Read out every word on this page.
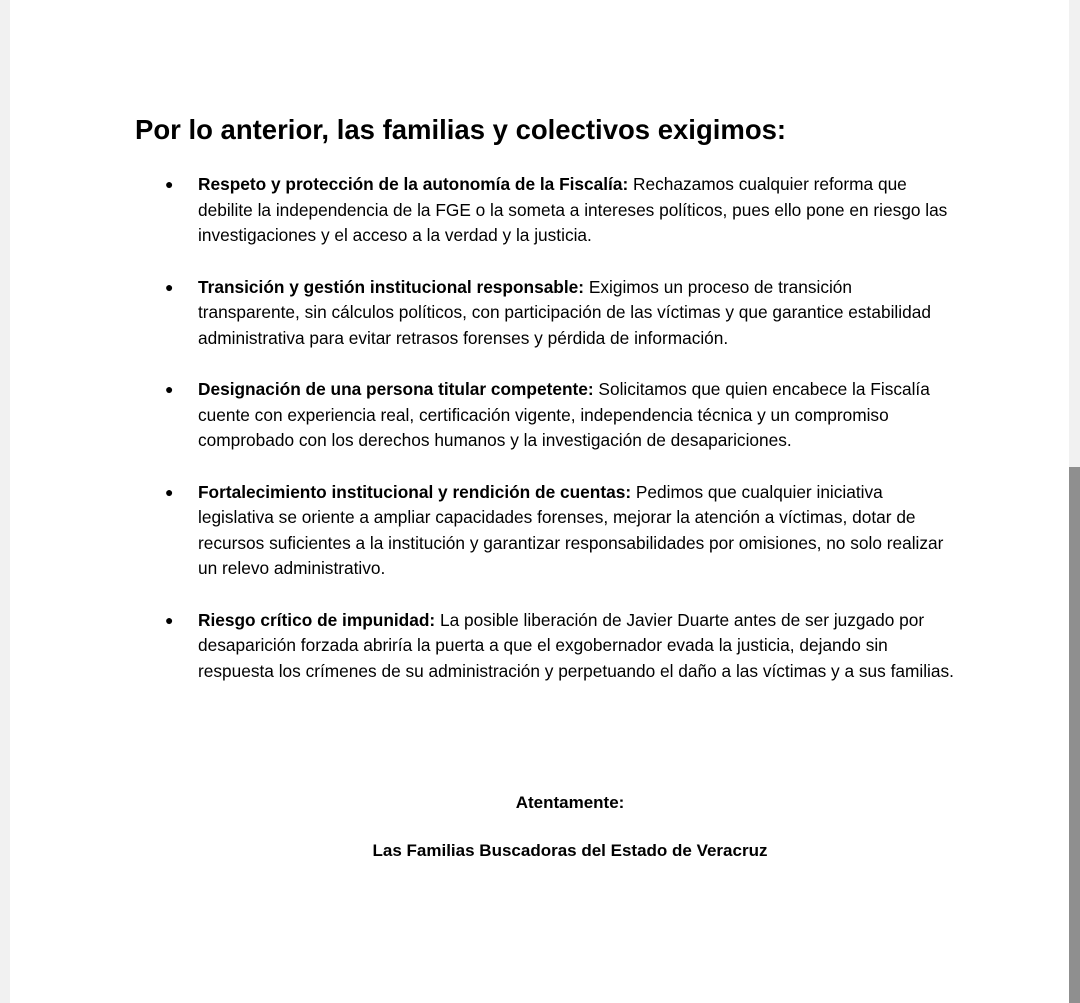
Por lo anterior, las familias y colectivos exigimos:
● Respeto y protección de la autonomía de la Fiscalía: Rechazamos cualquier reforma que debilite la independencia de la FGE o la someta a intereses políticos, pues ello pone en riesgo las investigaciones y el acceso a la verdad y la justicia.
● Transición y gestión institucional responsable: Exigimos un proceso de transición transparente, sin cálculos políticos, con participación de las víctimas y que garantice estabilidad administrativa para evitar retrasos forenses y pérdida de información.
● Designación de una persona titular competente: Solicitamos que quien encabece la Fiscalía cuente con experiencia real, certificación vigente, independencia técnica y un compromiso comprobado con los derechos humanos y la investigación de desapariciones.
● Fortalecimiento institucional y rendición de cuentas: Pedimos que cualquier iniciativa legislativa se oriente a ampliar capacidades forenses, mejorar la atención a víctimas, dotar de recursos suficientes a la institución y garantizar responsabilidades por omisiones, no solo realizar un relevo administrativo.
● Riesgo crítico de impunidad: La posible liberación de Javier Duarte antes de ser juzgado por desaparición forzada abriría la puerta a que el exgobernador evada la justicia, dejando sin respuesta los crímenes de su administración y perpetuando el daño a las víctimas y a sus familias.

Atentamente:

Las Familias Buscadoras del Estado de Veracruz
